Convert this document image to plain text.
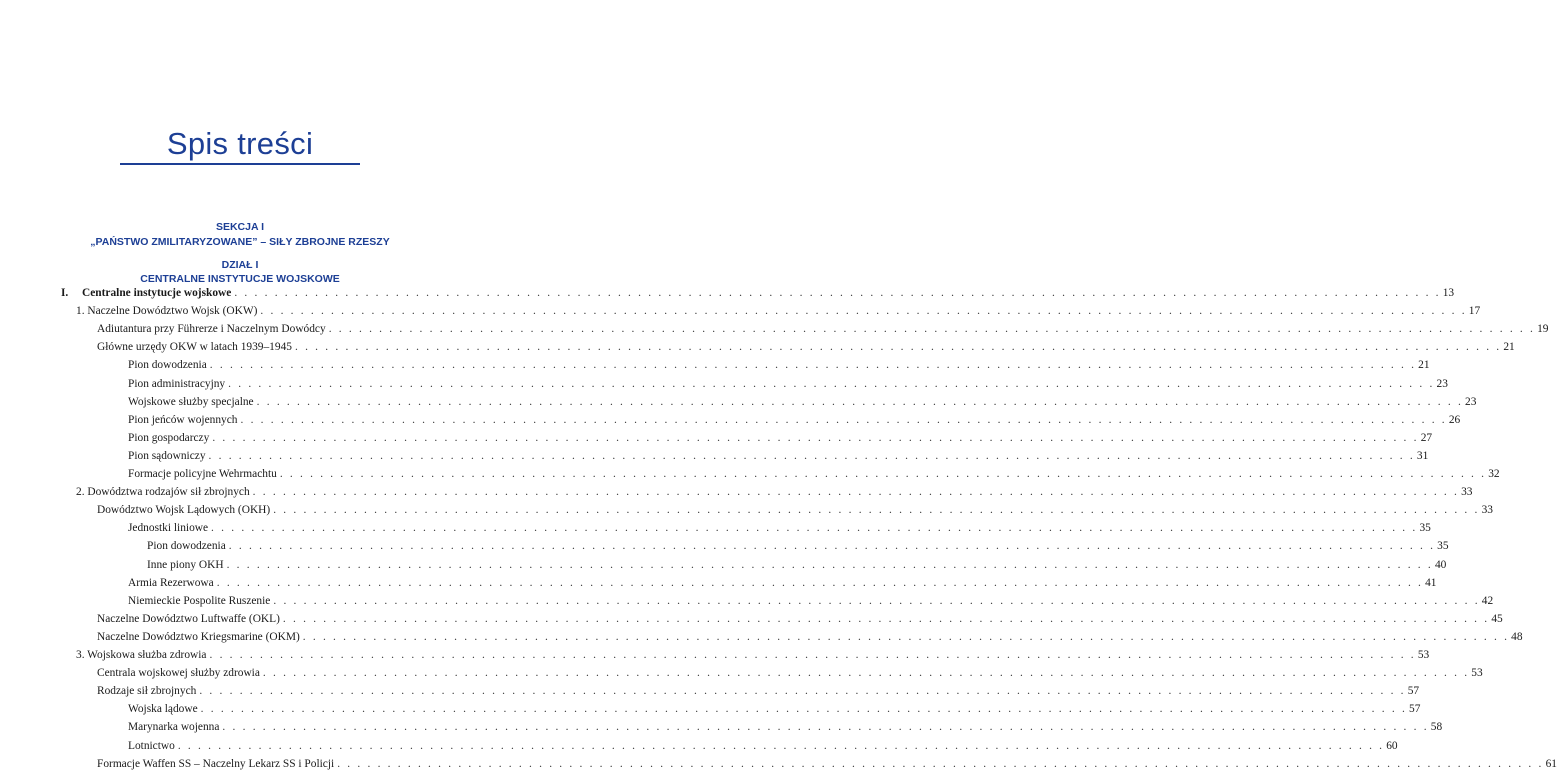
Spis treści
SEKCJA I
„PAŃSTWO ZMILITARYZOWANE” – SIŁY ZBROJNE RZESZY
DZIAŁ I
CENTRALNE INSTYTUCJE WOJSKOWE
I. Centralne instytucje wojskowe . . . . . . . . . . . . . . . . . . . . . . . . . . . . . . . . . . . . . . . . . . . . . . . . . . . . . . . . . . . . . . . . . . . . . . . . . . . . . . . . . . . . . . . . . . . . . . . . . . . . . . . . . . . . . . . . . . . . . . . . 13
1. Naczelne Dowództwo Wojsk (OKW) . . . . . . . . . . . . . . . . . . . . . . . . . . . . . . . . . . . . . . . . . . . . . . . . . . . . . . . . . . . . . . . . . . . . . . . . . . . . . . . . . . . . . . . . . . . . . . . . . . . . . . . . . . . . . . . . . . . . . . . . 17
Adiutantura przy Führerze i Naczelnym Dowódcy . . . . . . . . . . . . . . . . . . . . . . . . . . . . . . . . . . . . . . . . . . . . . . . . . . . . . . . . . . . . . . . . . . . . . . . . . . . . . . . . . . . . . . . . . . . . . . . . . . . . . . . . . . . . . . . . . . . . . . . . 19
Główne urzędy OKW w latach 1939–1945 . . . . . . . . . . . . . . . . . . . . . . . . . . . . . . . . . . . . . . . . . . . . . . . . . . . . . . . . . . . . . . . . . . . . . . . . . . . . . . . . . . . . . . . . . . . . . . . . . . . . . . . . . . . . . . . . . . . . . . . . 21
Pion dowodzenia . . . . . . . . . . . . . . . . . . . . . . . . . . . . . . . . . . . . . . . . . . . . . . . . . . . . . . . . . . . . . . . . . . . . . . . . . . . . . . . . . . . . . . . . . . . . . . . . . . . . . . . . . . . . . . . . . . . . . . . . 21
Pion administracyjny . . . . . . . . . . . . . . . . . . . . . . . . . . . . . . . . . . . . . . . . . . . . . . . . . . . . . . . . . . . . . . . . . . . . . . . . . . . . . . . . . . . . . . . . . . . . . . . . . . . . . . . . . . . . . . . . . . . . . . . . 23
Wojskowe służby specjalne . . . . . . . . . . . . . . . . . . . . . . . . . . . . . . . . . . . . . . . . . . . . . . . . . . . . . . . . . . . . . . . . . . . . . . . . . . . . . . . . . . . . . . . . . . . . . . . . . . . . . . . . . . . . . . . . . . . . . . . . 23
Pion jeńców wojennych . . . . . . . . . . . . . . . . . . . . . . . . . . . . . . . . . . . . . . . . . . . . . . . . . . . . . . . . . . . . . . . . . . . . . . . . . . . . . . . . . . . . . . . . . . . . . . . . . . . . . . . . . . . . . . . . . . . . . . . . 26
Pion gospodarczy . . . . . . . . . . . . . . . . . . . . . . . . . . . . . . . . . . . . . . . . . . . . . . . . . . . . . . . . . . . . . . . . . . . . . . . . . . . . . . . . . . . . . . . . . . . . . . . . . . . . . . . . . . . . . . . . . . . . . . . . 27
Pion sądowniczy . . . . . . . . . . . . . . . . . . . . . . . . . . . . . . . . . . . . . . . . . . . . . . . . . . . . . . . . . . . . . . . . . . . . . . . . . . . . . . . . . . . . . . . . . . . . . . . . . . . . . . . . . . . . . . . . . . . . . . . . 31
Formacje policyjne Wehrmachtu . . . . . . . . . . . . . . . . . . . . . . . . . . . . . . . . . . . . . . . . . . . . . . . . . . . . . . . . . . . . . . . . . . . . . . . . . . . . . . . . . . . . . . . . . . . . . . . . . . . . . . . . . . . . . . . . . . . . . . . . 32
2. Dowództwa rodzajów sił zbrojnych . . . . . . . . . . . . . . . . . . . . . . . . . . . . . . . . . . . . . . . . . . . . . . . . . . . . . . . . . . . . . . . . . . . . . . . . . . . . . . . . . . . . . . . . . . . . . . . . . . . . . . . . . . . . . . . . . . . . . . . . 33
Dowództwo Wojsk Lądowych (OKH) . . . . . . . . . . . . . . . . . . . . . . . . . . . . . . . . . . . . . . . . . . . . . . . . . . . . . . . . . . . . . . . . . . . . . . . . . . . . . . . . . . . . . . . . . . . . . . . . . . . . . . . . . . . . . . . . . . . . . . . . 33
Jednostki liniowe . . . . . . . . . . . . . . . . . . . . . . . . . . . . . . . . . . . . . . . . . . . . . . . . . . . . . . . . . . . . . . . . . . . . . . . . . . . . . . . . . . . . . . . . . . . . . . . . . . . . . . . . . . . . . . . . . . . . . . . . 35
Pion dowodzenia . . . . . . . . . . . . . . . . . . . . . . . . . . . . . . . . . . . . . . . . . . . . . . . . . . . . . . . . . . . . . . . . . . . . . . . . . . . . . . . . . . . . . . . . . . . . . . . . . . . . . . . . . . . . . . . . . . . . . . . . 35
Inne piony OKH . . . . . . . . . . . . . . . . . . . . . . . . . . . . . . . . . . . . . . . . . . . . . . . . . . . . . . . . . . . . . . . . . . . . . . . . . . . . . . . . . . . . . . . . . . . . . . . . . . . . . . . . . . . . . . . . . . . . . . . . 40
Armia Rezerwowa . . . . . . . . . . . . . . . . . . . . . . . . . . . . . . . . . . . . . . . . . . . . . . . . . . . . . . . . . . . . . . . . . . . . . . . . . . . . . . . . . . . . . . . . . . . . . . . . . . . . . . . . . . . . . . . . . . . . . . . . 41
Niemieckie Pospolite Ruszenie . . . . . . . . . . . . . . . . . . . . . . . . . . . . . . . . . . . . . . . . . . . . . . . . . . . . . . . . . . . . . . . . . . . . . . . . . . . . . . . . . . . . . . . . . . . . . . . . . . . . . . . . . . . . . . . . . . . . . . . . 42
Naczelne Dowództwo Luftwaffe (OKL) . . . . . . . . . . . . . . . . . . . . . . . . . . . . . . . . . . . . . . . . . . . . . . . . . . . . . . . . . . . . . . . . . . . . . . . . . . . . . . . . . . . . . . . . . . . . . . . . . . . . . . . . . . . . . . . . . . . . . . . . 45
Naczelne Dowództwo Kriegsmarine (OKM) . . . . . . . . . . . . . . . . . . . . . . . . . . . . . . . . . . . . . . . . . . . . . . . . . . . . . . . . . . . . . . . . . . . . . . . . . . . . . . . . . . . . . . . . . . . . . . . . . . . . . . . . . . . . . . . . . . . . . . . . 48
3. Wojskowa służba zdrowia . . . . . . . . . . . . . . . . . . . . . . . . . . . . . . . . . . . . . . . . . . . . . . . . . . . . . . . . . . . . . . . . . . . . . . . . . . . . . . . . . . . . . . . . . . . . . . . . . . . . . . . . . . . . . . . . . . . . . . . . 53
Centrala wojskowej służby zdrowia . . . . . . . . . . . . . . . . . . . . . . . . . . . . . . . . . . . . . . . . . . . . . . . . . . . . . . . . . . . . . . . . . . . . . . . . . . . . . . . . . . . . . . . . . . . . . . . . . . . . . . . . . . . . . . . . . . . . . . . . 53
Rodzaje sił zbrojnych . . . . . . . . . . . . . . . . . . . . . . . . . . . . . . . . . . . . . . . . . . . . . . . . . . . . . . . . . . . . . . . . . . . . . . . . . . . . . . . . . . . . . . . . . . . . . . . . . . . . . . . . . . . . . . . . . . . . . . . . 57
Wojska lądowe . . . . . . . . . . . . . . . . . . . . . . . . . . . . . . . . . . . . . . . . . . . . . . . . . . . . . . . . . . . . . . . . . . . . . . . . . . . . . . . . . . . . . . . . . . . . . . . . . . . . . . . . . . . . . . . . . . . . . . . . 57
Marynarka wojenna . . . . . . . . . . . . . . . . . . . . . . . . . . . . . . . . . . . . . . . . . . . . . . . . . . . . . . . . . . . . . . . . . . . . . . . . . . . . . . . . . . . . . . . . . . . . . . . . . . . . . . . . . . . . . . . . . . . . . . . . 58
Lotnictwo . . . . . . . . . . . . . . . . . . . . . . . . . . . . . . . . . . . . . . . . . . . . . . . . . . . . . . . . . . . . . . . . . . . . . . . . . . . . . . . . . . . . . . . . . . . . . . . . . . . . . . . . . . . . . . . . . . . . . . . . 60
Formacje Waffen SS – Naczelny Lekarz SS i Policji . . . . . . . . . . . . . . . . . . . . . . . . . . . . . . . . . . . . . . . . . . . . . . . . . . . . . . . . . . . . . . . . . . . . . . . . . . . . . . . . . . . . . . . . . . . . . . . . . . . . . . . . . . . . . . . . . . . . . . . . 61
